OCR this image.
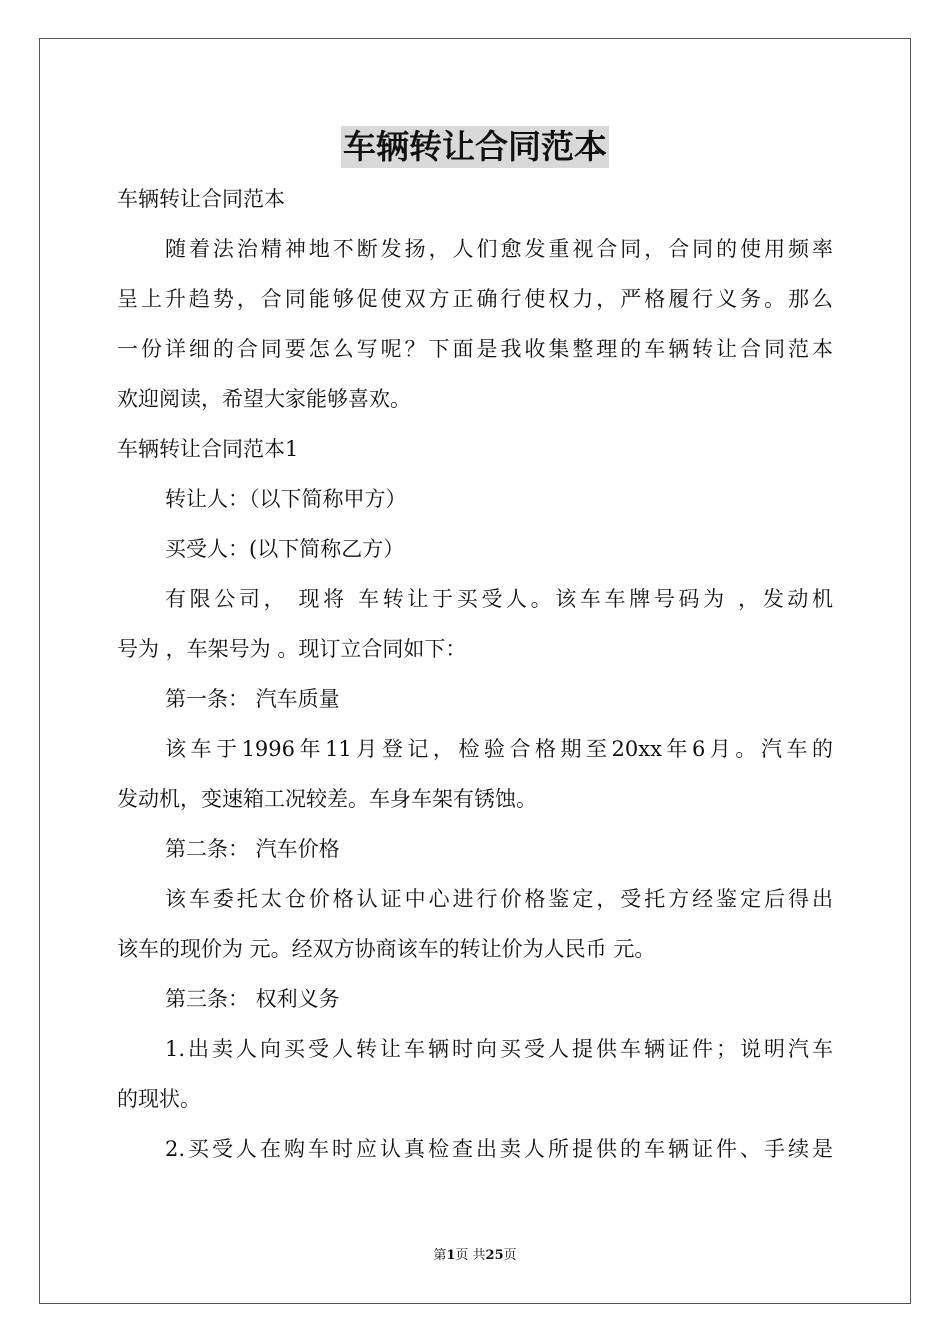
车辆转让合同范本
车辆转让合同范本
随着法治精神地不断发扬，人们愈发重视合同，合同的使用频率
呈上升趋势，合同能够促使双方正确行使权力，严格履行义务。那么
一份详细的合同要怎么写呢？下面是我收集整理的车辆转让合同范本
欢迎阅读，希望大家能够喜欢。
车辆转让合同范本1
转让人：（以下简称甲方）
买受人：(以下简称乙方）
有限公司， 现将 车转让于买受人。该车车牌号码为 ，发动机
号为 ，车架号为 。现订立合同如下：
第一条： 汽车质量
该车于1996年11月登记，检验合格期至20xx年6月。汽车的
发动机，变速箱工况较差。车身车架有锈蚀。
第二条： 汽车价格
该车委托太仓价格认证中心进行价格鉴定，受托方经鉴定后得出
该车的现价为 元。经双方协商该车的转让价为人民币 元。
第三条： 权利义务
1.出卖人向买受人转让车辆时向买受人提供车辆证件；说明汽车
的现状。
2.买受人在购车时应认真检查出卖人所提供的车辆证件、手续是
第1页 共25页
